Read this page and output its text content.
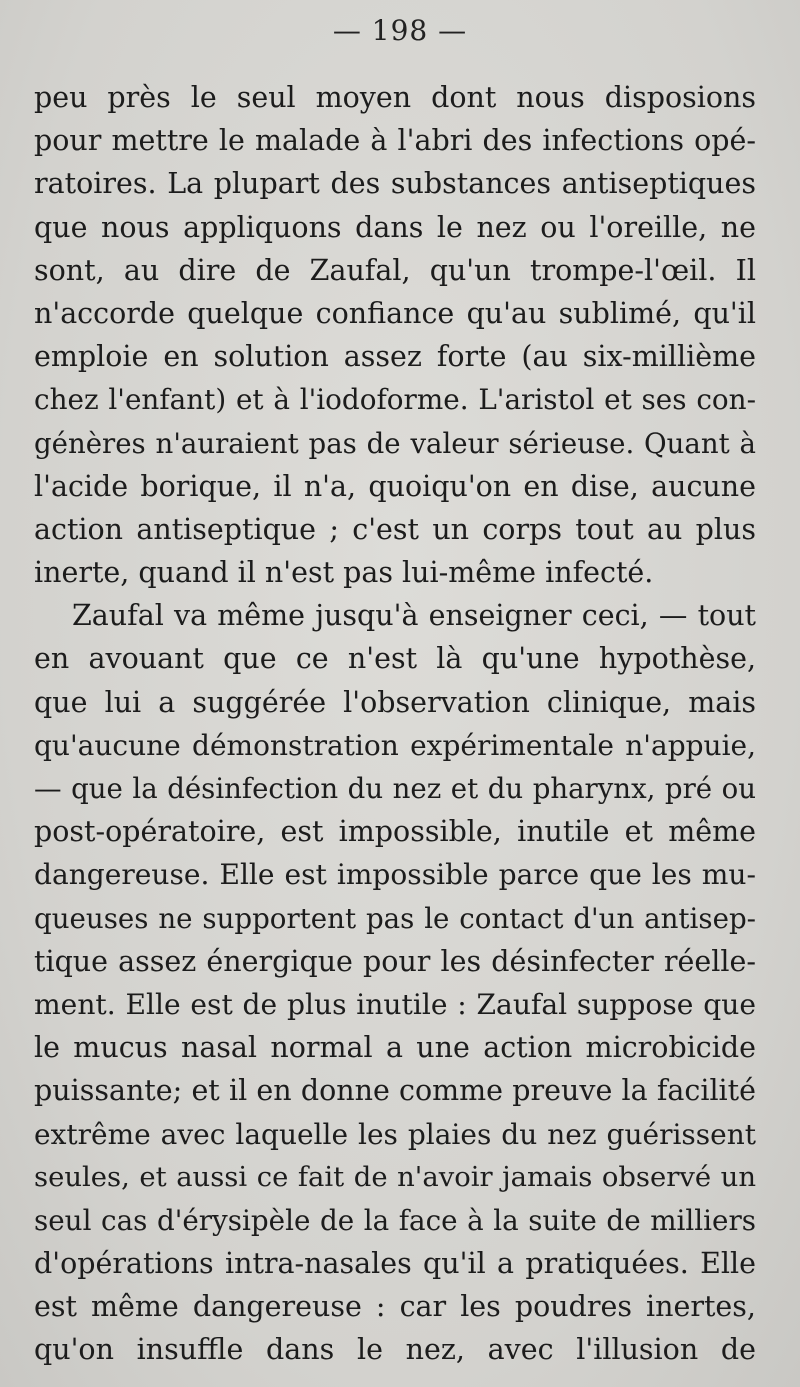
— 198 —
peu près le seul moyen dont nous disposions
pour mettre le malade à l'abri des infections opé-
ratoires. La plupart des substances antiseptiques
que nous appliquons dans le nez ou l'oreille, ne
sont, au dire de Zaufal, qu'un trompe-l'œil. Il
n'accorde quelque confiance qu'au sublimé, qu'il
emploie en solution assez forte (au six-millième
chez l'enfant) et à l'iodoforme. L'aristol et ses con-
génères n'auraient pas de valeur sérieuse. Quant à
l'acide borique, il n'a, quoiqu'on en dise, aucune
action antiseptique ; c'est un corps tout au plus
inerte, quand il n'est pas lui-même infecté.
Zaufal va même jusqu'à enseigner ceci, — tout
en avouant que ce n'est là qu'une hypothèse,
que lui a suggérée l'observation clinique, mais
qu'aucune démonstration expérimentale n'appuie,
— que la désinfection du nez et du pharynx, pré ou
post-opératoire, est impossible, inutile et même
dangereuse. Elle est impossible parce que les mu-
queuses ne supportent pas le contact d'un antisep-
tique assez énergique pour les désinfecter réelle-
ment. Elle est de plus inutile : Zaufal suppose que
le mucus nasal normal a une action microbicide
puissante; et il en donne comme preuve la facilité
extrême avec laquelle les plaies du nez guérissent
seules, et aussi ce fait de n'avoir jamais observé un
seul cas d'érysipèle de la face à la suite de milliers
d'opérations intra-nasales qu'il a pratiquées. Elle
est même dangereuse : car les poudres inertes,
qu'on insuffle dans le nez, avec l'illusion de
